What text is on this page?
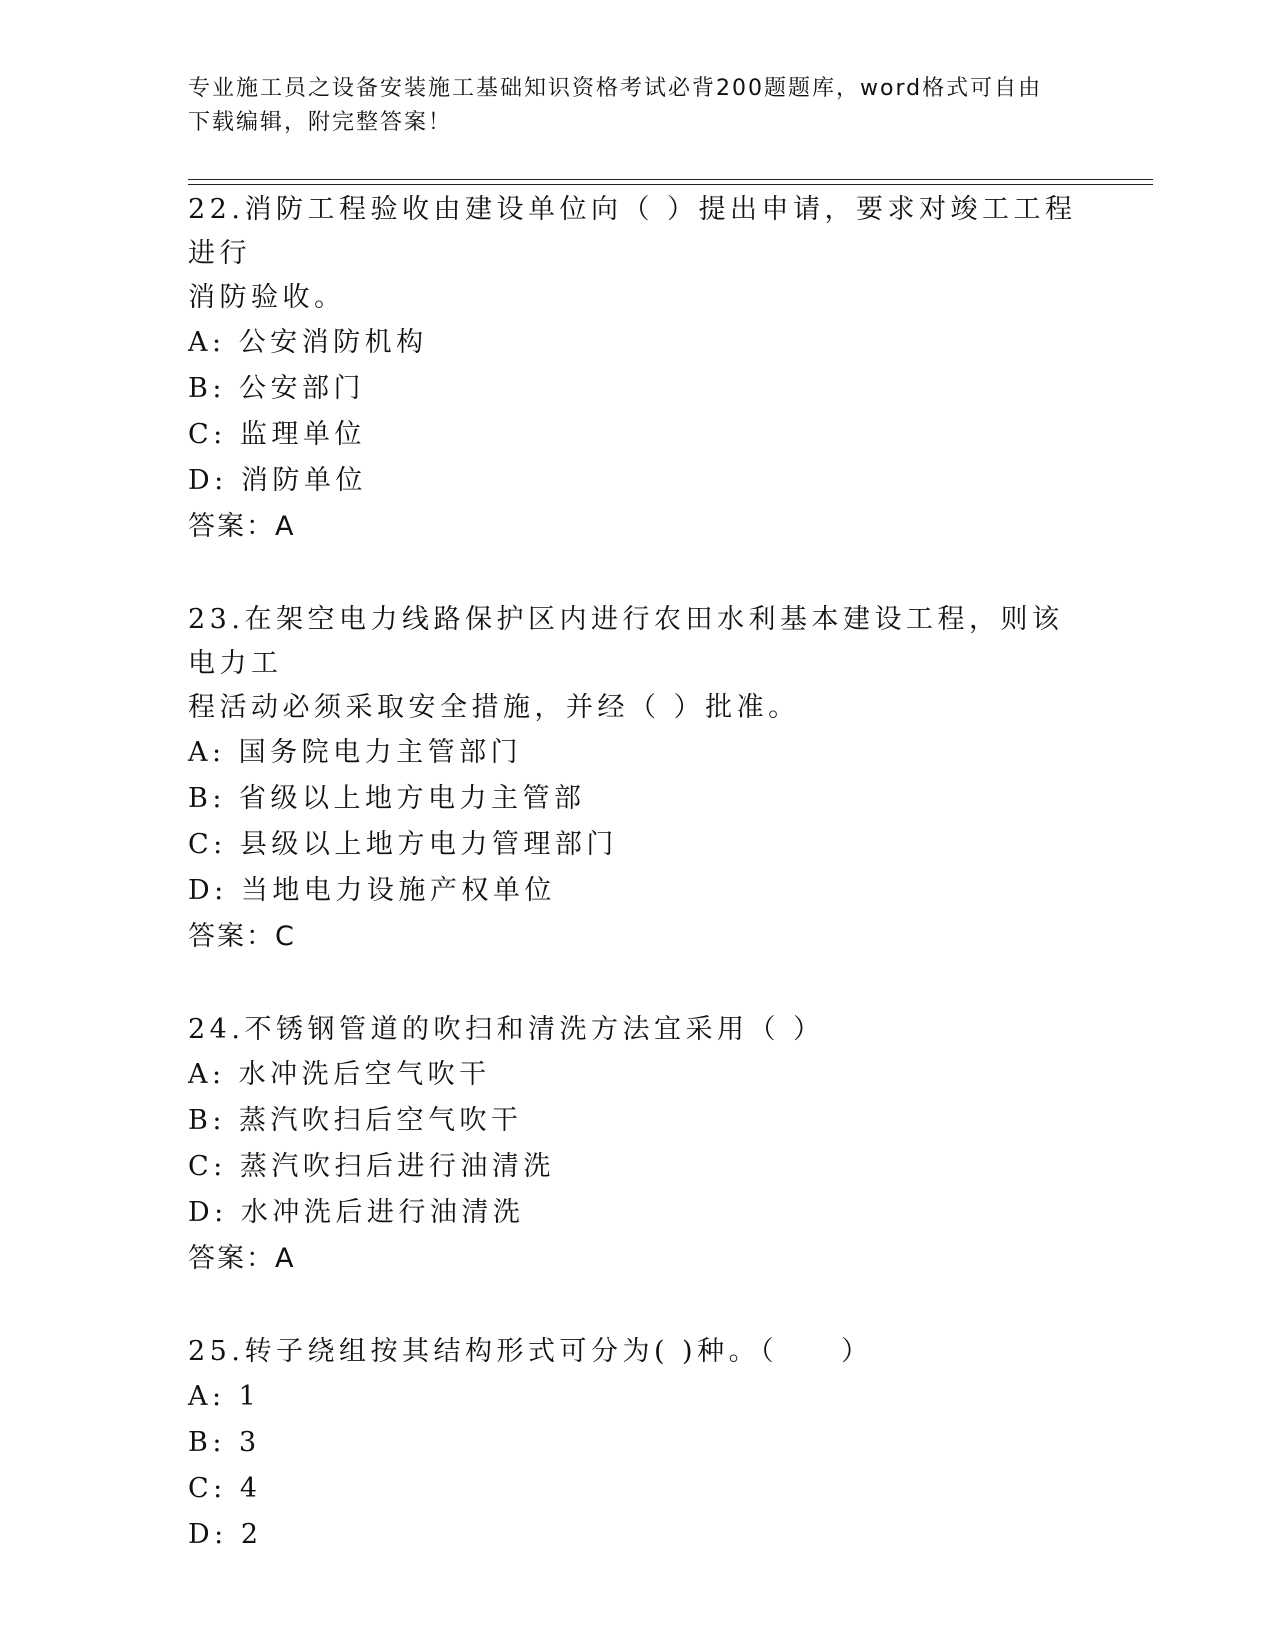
专业施工员之设备安装施工基础知识资格考试必背200题题库，word格式可自由
下载编辑，附完整答案！

22.消防工程验收由建设单位向（ ）提出申请，要求对竣工工程进行

消防验收。

A: 公安消防机构

B: 公安部门

C: 监理单位

D: 消防单位

答案：A

23.在架空电力线路保护区内进行农田水利基本建设工程，则该电力工

程活动必须采取安全措施，并经（ ）批准。

A: 国务院电力主管部门

B: 省级以上地方电力主管部

C: 县级以上地方电力管理部门

D: 当地电力设施产权单位

答案：C

24.不锈钢管道的吹扫和清洗方法宜采用（ ）

A: 水冲洗后空气吹干

B: 蒸汽吹扫后空气吹干

C: 蒸汽吹扫后进行油清洗

D: 水冲洗后进行油清洗

答案：A

25.转子绕组按其结构形式可分为( )种。（　　）

A: 1

B: 3

C: 4

D: 2
